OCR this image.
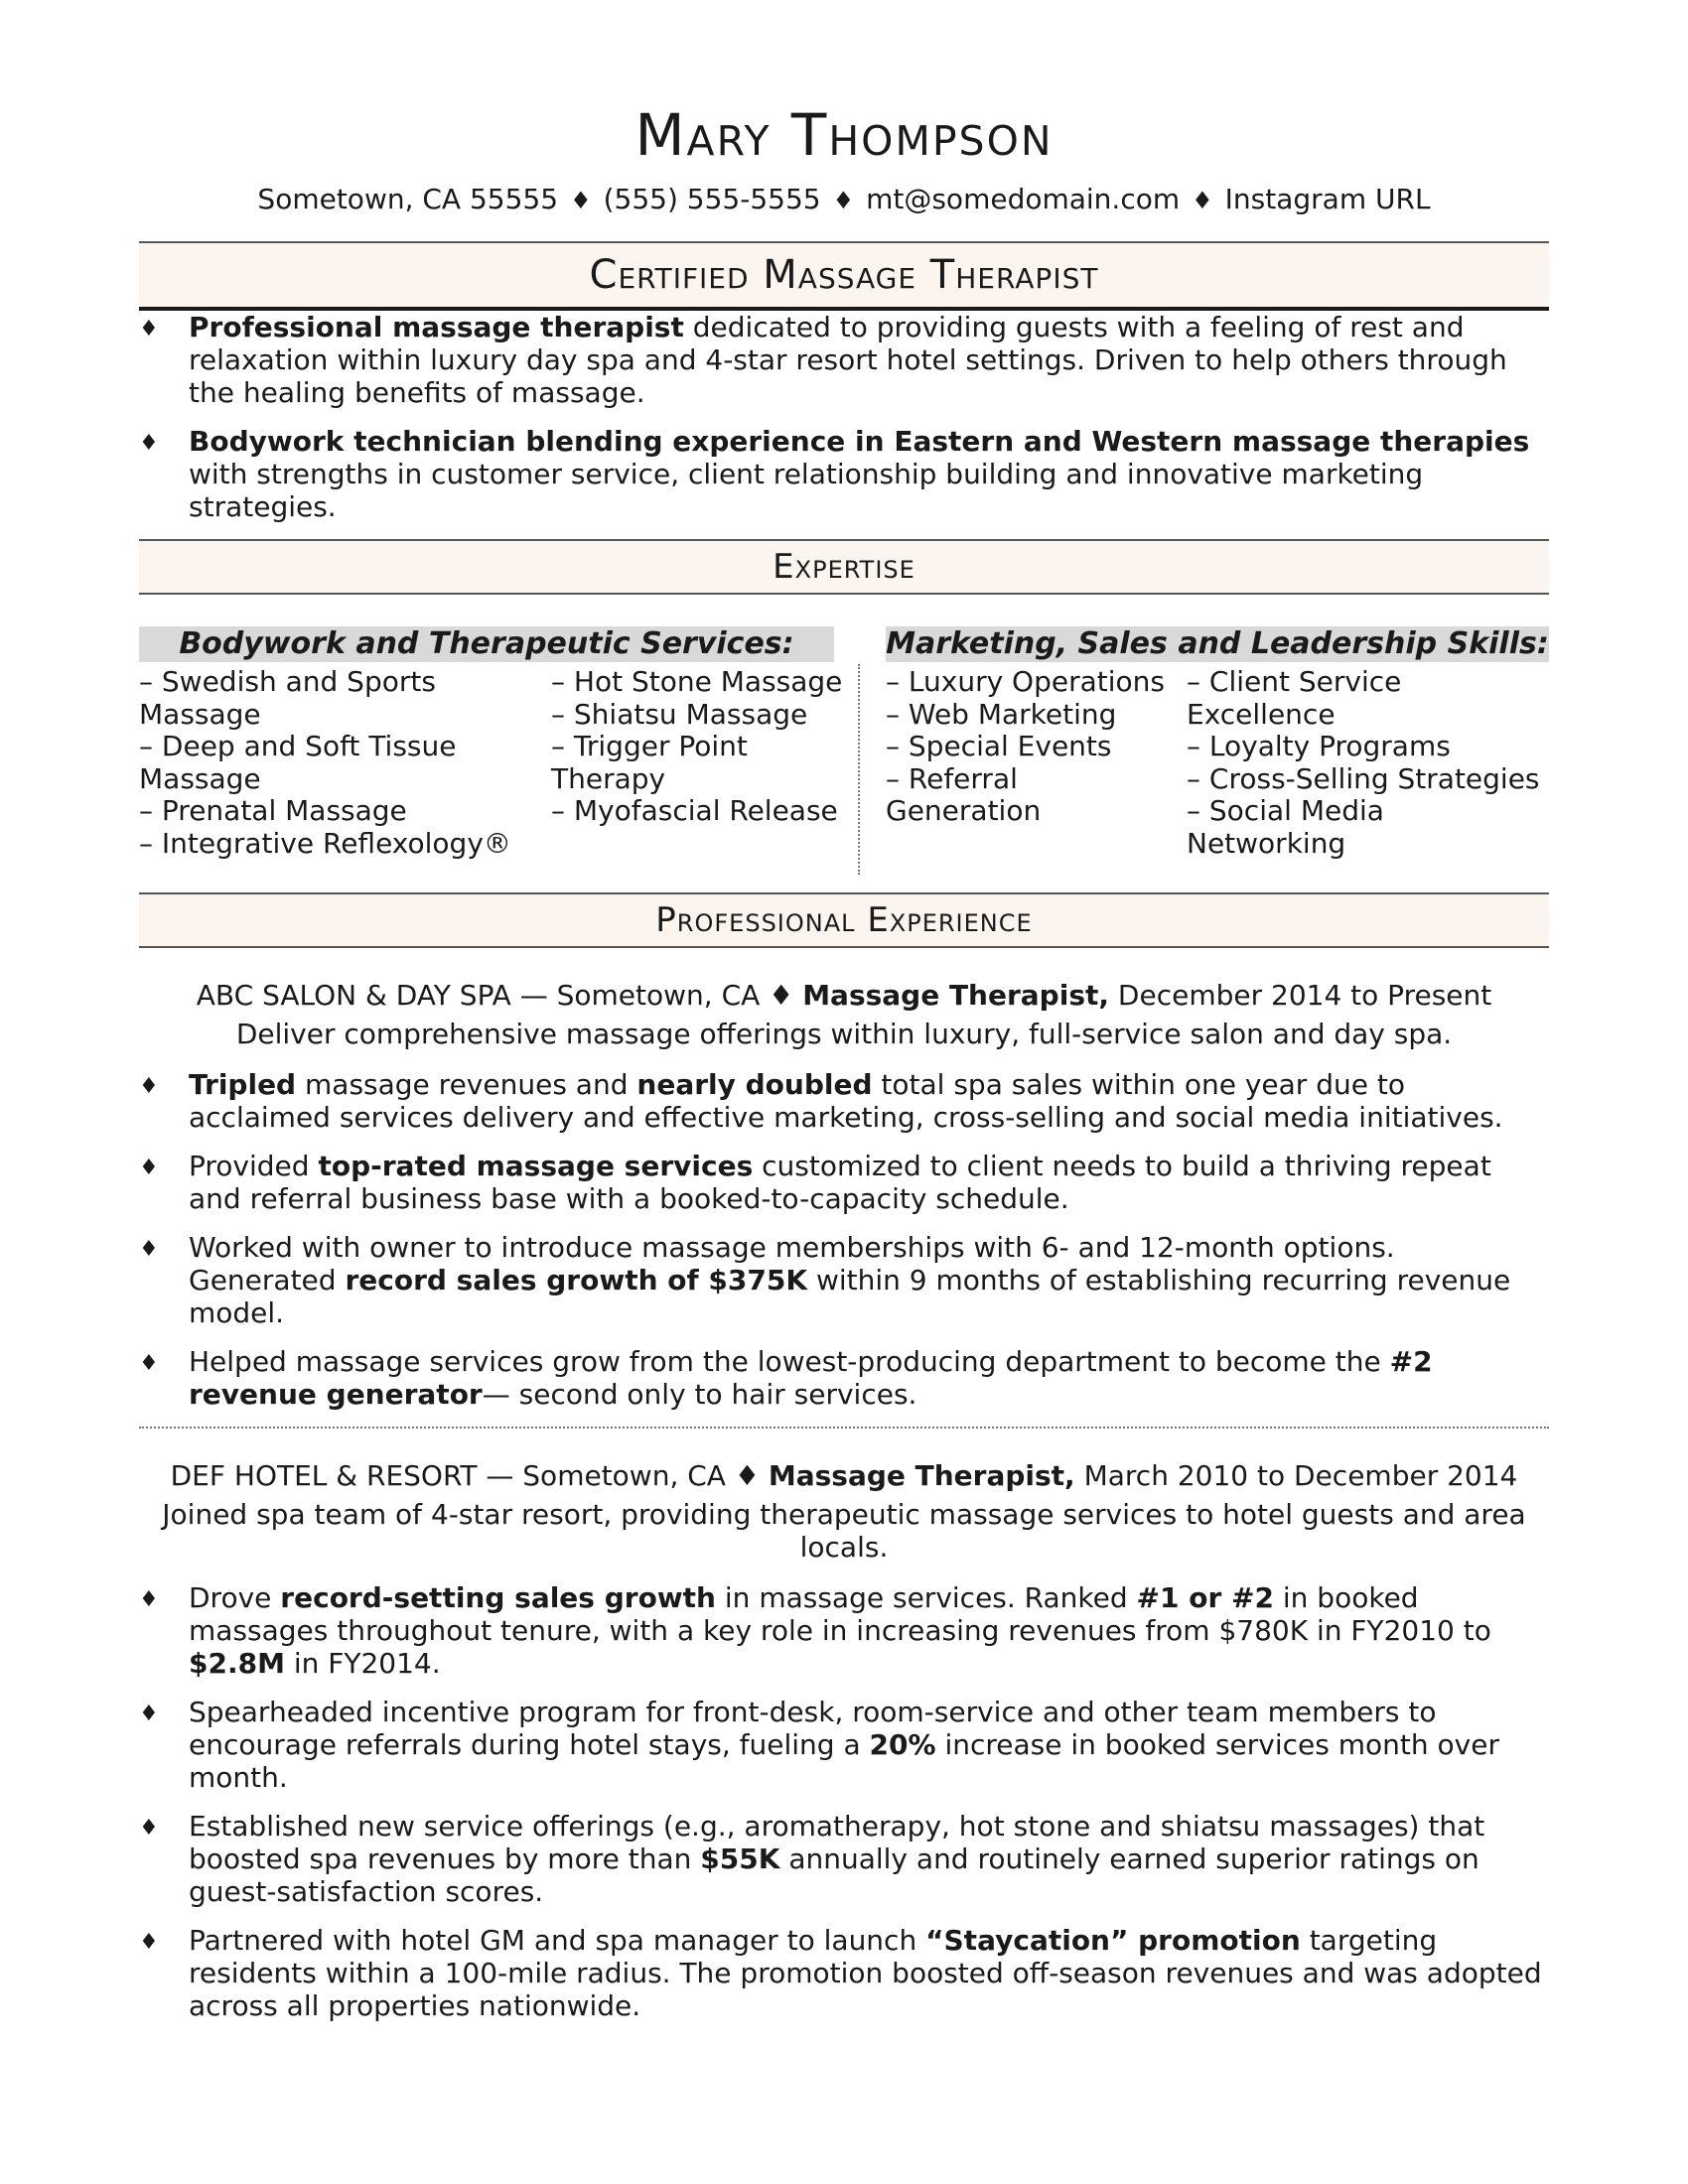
Mary Thompson
Sometown, CA 55555 ♦ (555) 555-5555 ♦ mt@somedomain.com ♦ Instagram URL
Certified Massage Therapist
♦ Professional massage therapist dedicated to providing guests with a feeling of rest and relaxation within luxury day spa and 4-star resort hotel settings. Driven to help others through the healing benefits of massage.
♦ Bodywork technician blending experience in Eastern and Western massage therapies with strengths in customer service, client relationship building and innovative marketing strategies.
Expertise
Bodywork and Therapeutic Services:
– Swedish and Sports Massage
– Deep and Soft Tissue Massage
– Prenatal Massage
– Integrative Reflexology®
– Hot Stone Massage
– Shiatsu Massage
– Trigger Point Therapy
– Myofascial Release
Marketing, Sales and Leadership Skills:
– Luxury Operations
– Web Marketing
– Special Events
– Referral Generation
– Client Service Excellence
– Loyalty Programs
– Cross-Selling Strategies
– Social Media Networking
Professional Experience
ABC SALON & DAY SPA — Sometown, CA ♦ Massage Therapist, December 2014 to Present
Deliver comprehensive massage offerings within luxury, full-service salon and day spa.
♦ Tripled massage revenues and nearly doubled total spa sales within one year due to acclaimed services delivery and effective marketing, cross-selling and social media initiatives.
♦ Provided top-rated massage services customized to client needs to build a thriving repeat and referral business base with a booked-to-capacity schedule.
♦ Worked with owner to introduce massage memberships with 6- and 12-month options. Generated record sales growth of $375K within 9 months of establishing recurring revenue model.
♦ Helped massage services grow from the lowest-producing department to become the #2 revenue generator— second only to hair services.
DEF HOTEL & RESORT — Sometown, CA ♦ Massage Therapist, March 2010 to December 2014
Joined spa team of 4-star resort, providing therapeutic massage services to hotel guests and area locals.
♦ Drove record-setting sales growth in massage services. Ranked #1 or #2 in booked massages throughout tenure, with a key role in increasing revenues from $780K in FY2010 to $2.8M in FY2014.
♦ Spearheaded incentive program for front-desk, room-service and other team members to encourage referrals during hotel stays, fueling a 20% increase in booked services month over month.
♦ Established new service offerings (e.g., aromatherapy, hot stone and shiatsu massages) that boosted spa revenues by more than $55K annually and routinely earned superior ratings on guest-satisfaction scores.
♦ Partnered with hotel GM and spa manager to launch “Staycation” promotion targeting residents within a 100-mile radius. The promotion boosted off-season revenues and was adopted across all properties nationwide.
